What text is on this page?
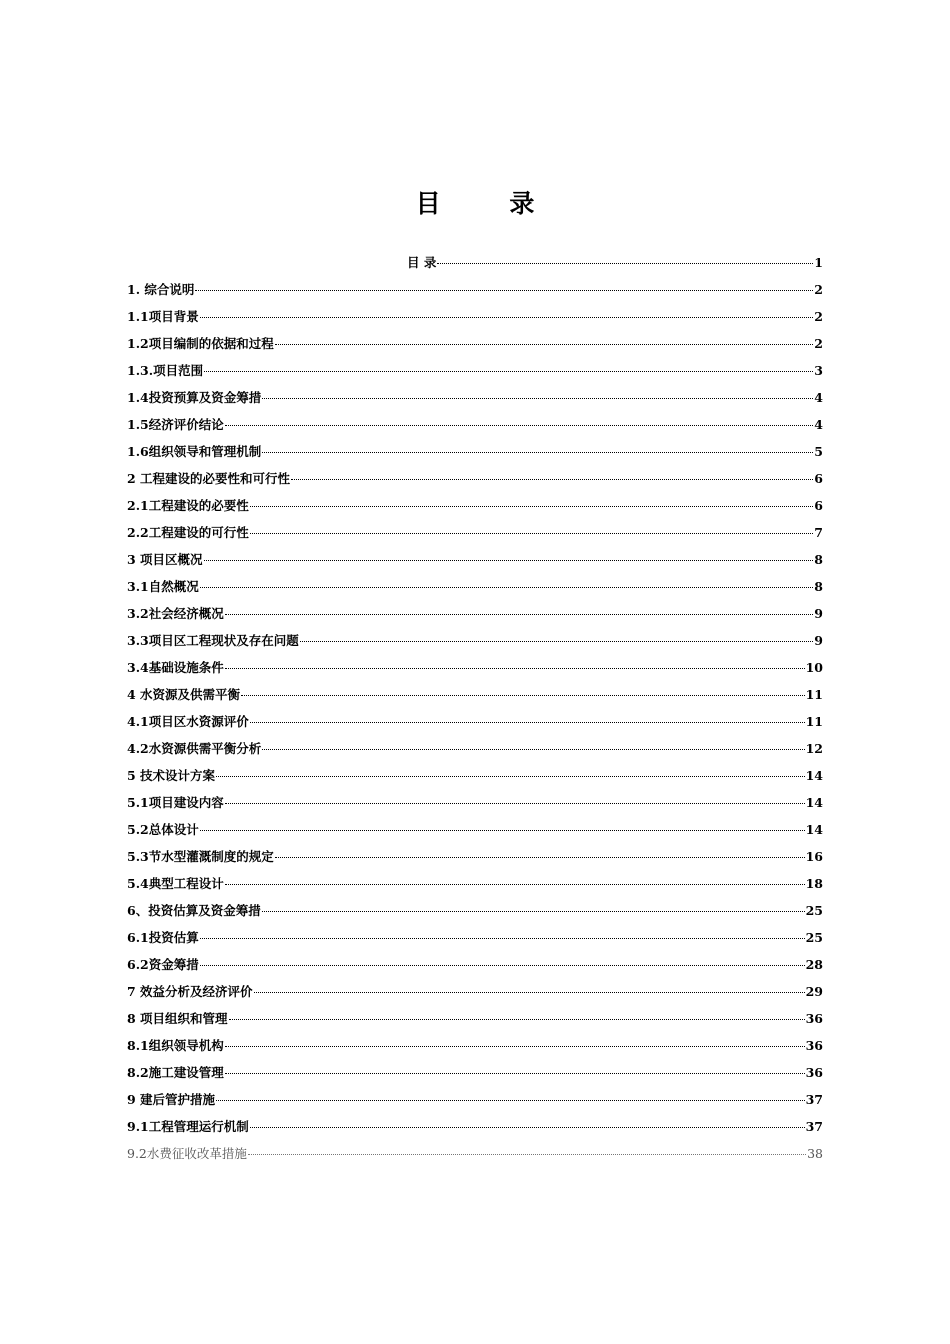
目 录
目 录	1
1. 综合说明	2
1.1项目背景	2
1.2项目编制的依据和过程	2
1.3.项目范围	3
1.4投资预算及资金筹措	4
1.5经济评价结论	4
1.6组织领导和管理机制	5
2 工程建设的必要性和可行性	6
2.1工程建设的必要性	6
2.2工程建设的可行性	7
3 项目区概况	8
3.1自然概况	8
3.2社会经济概况	9
3.3项目区工程现状及存在问题	9
3.4基础设施条件	10
4 水资源及供需平衡	11
4.1项目区水资源评价	11
4.2水资源供需平衡分析	12
5 技术设计方案	14
5.1项目建设内容	14
5.2总体设计	14
5.3节水型灌溉制度的规定	16
5.4典型工程设计	18
6、投资估算及资金筹措	25
6.1投资估算	25
6.2资金筹措	28
7 效益分析及经济评价	29
8 项目组织和管理	36
8.1组织领导机构	36
8.2施工建设管理	36
9 建后管护措施	37
9.1工程管理运行机制	37
9.2水费征收改革措施	38
